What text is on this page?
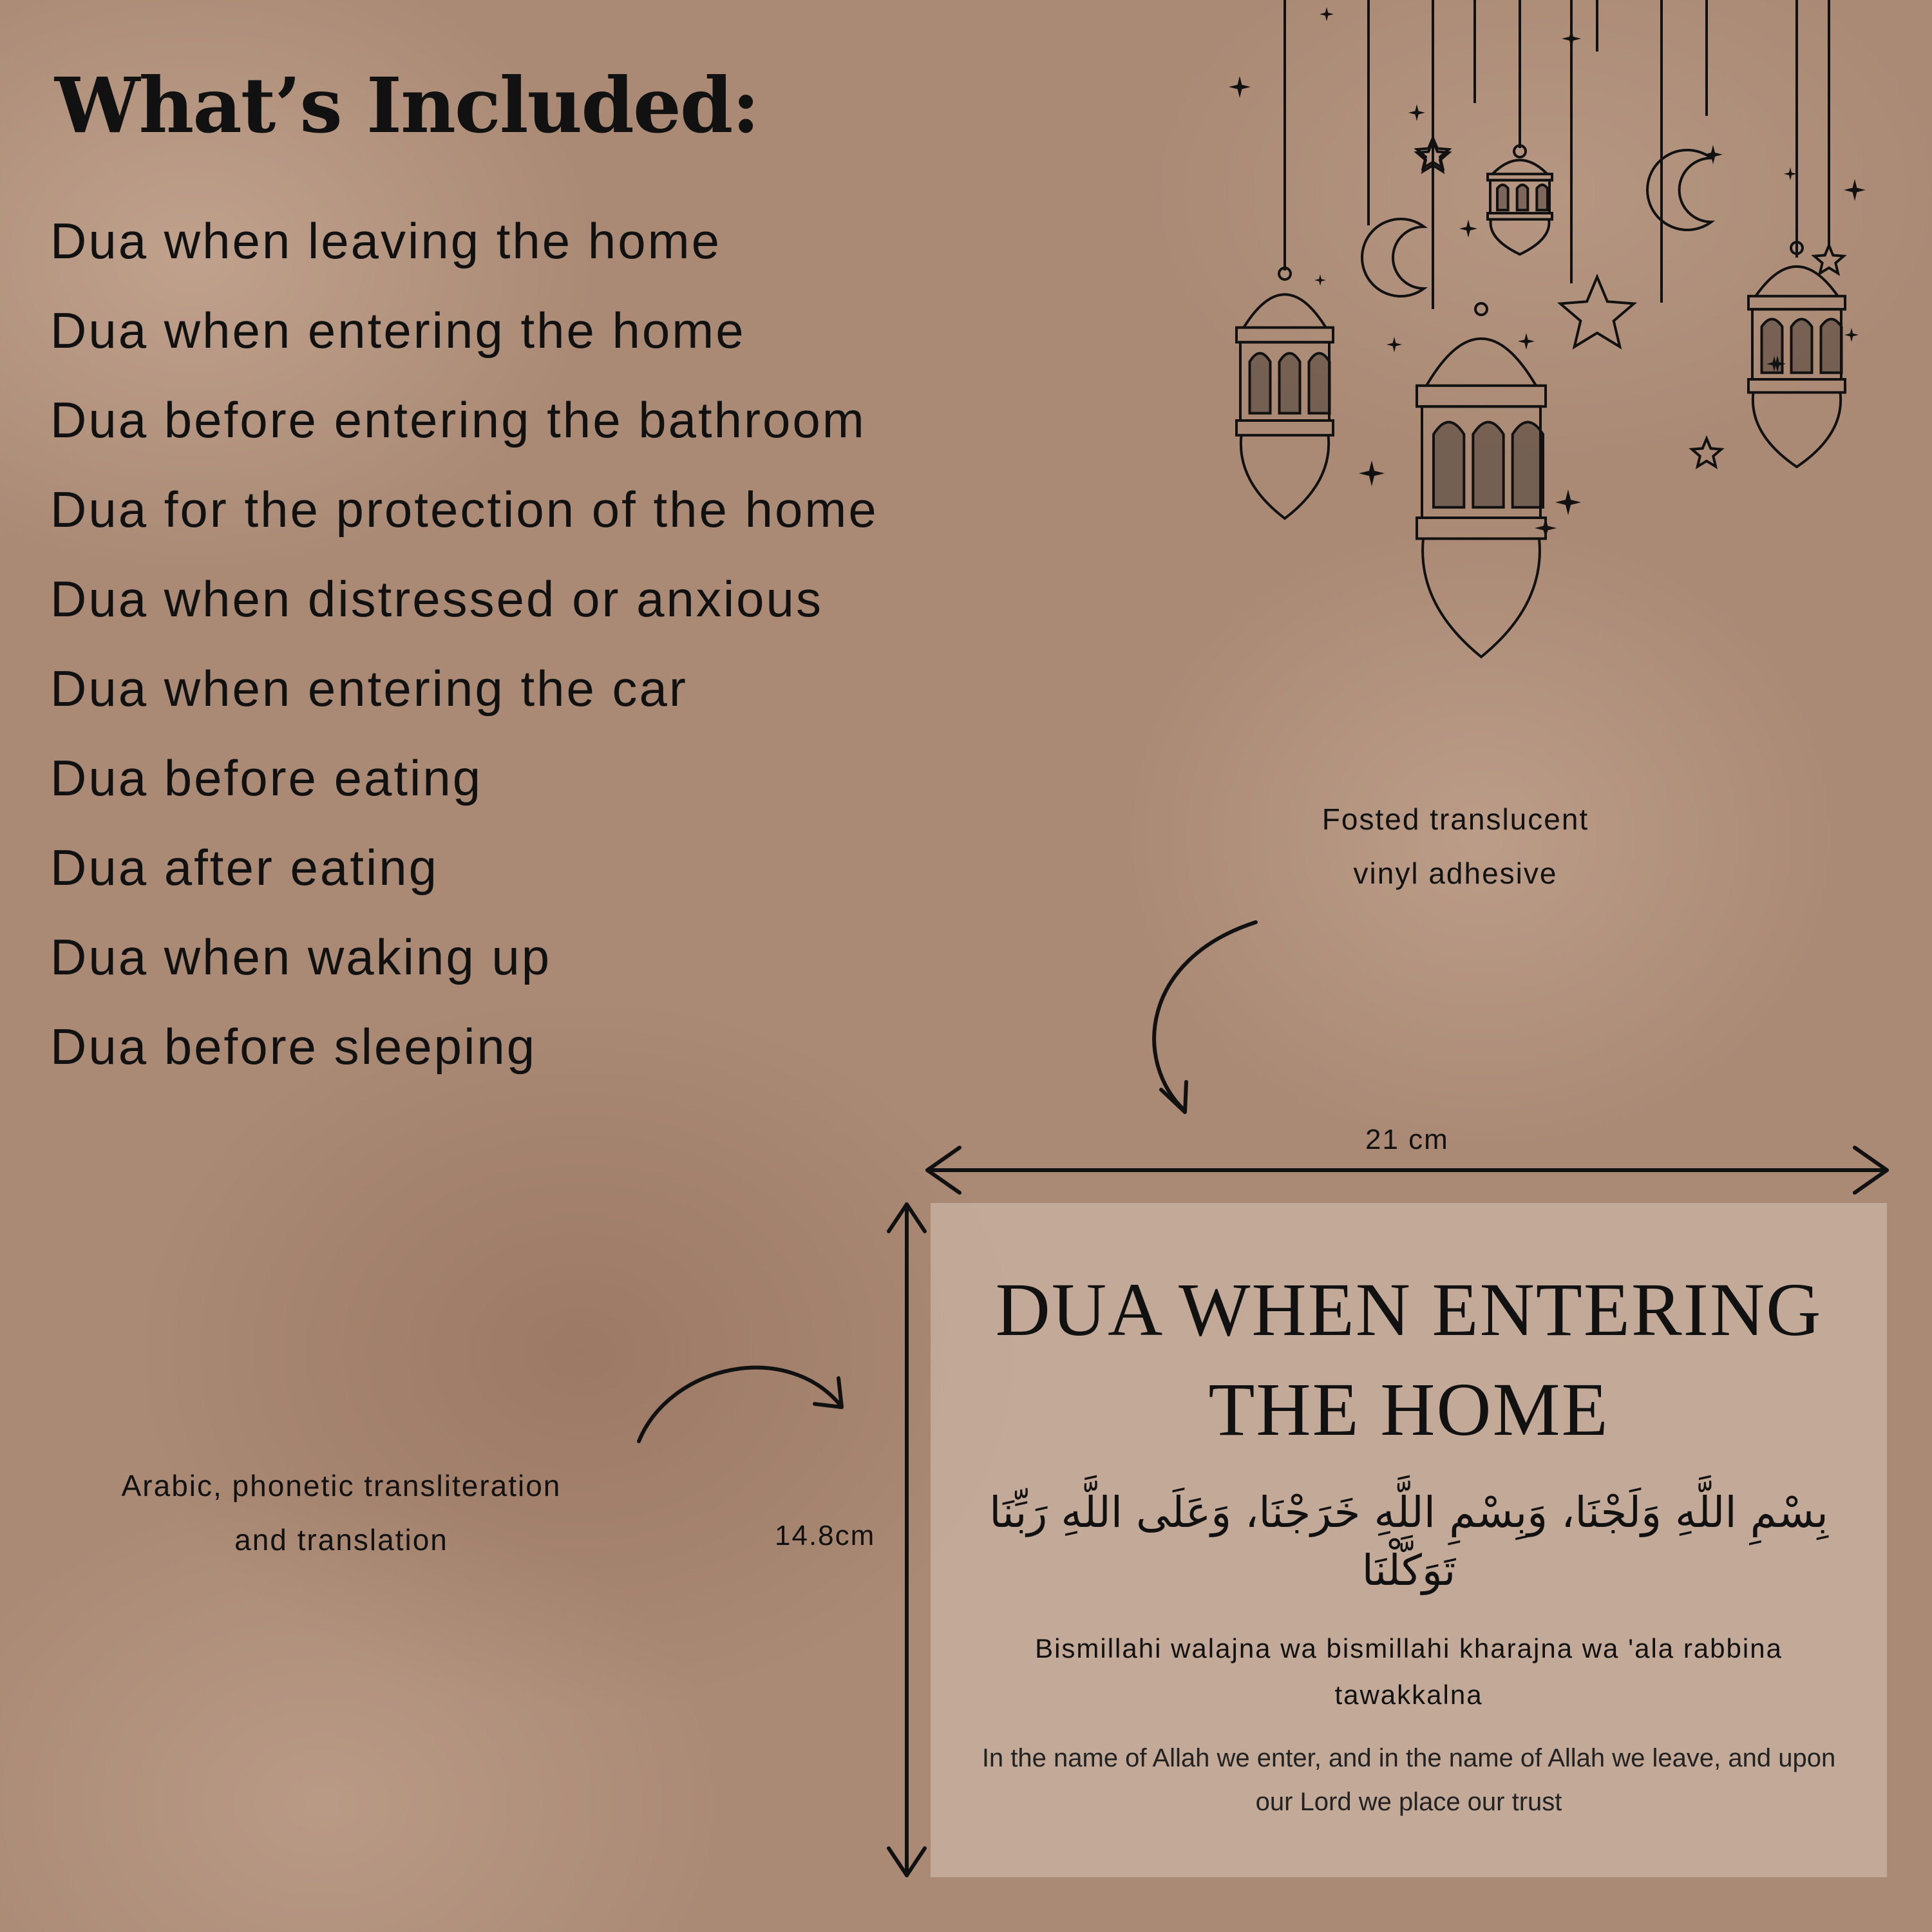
What’s Included:
Dua when leaving the home
Dua when entering the home
Dua before entering the bathroom
Dua for the protection of the home
Dua when distressed or anxious
Dua when entering the car
Dua before eating
Dua after eating
Dua when waking up
Dua before sleeping
Fosted translucent
vinyl adhesive
Arabic, phonetic transliteration
and translation
21 cm
14.8cm
DUA WHEN ENTERING
THE HOME
بِسْمِ اللَّهِ وَلَجْنَا، وَبِسْمِ اللَّهِ خَرَجْنَا، وَعَلَى اللَّهِ رَبِّنَا تَوَكَّلْنَا
Bismillahi walajna wa bismillahi kharajna wa 'ala rabbina tawakkalna
In the name of Allah we enter, and in the name of Allah we leave, and upon our Lord we place our trust
